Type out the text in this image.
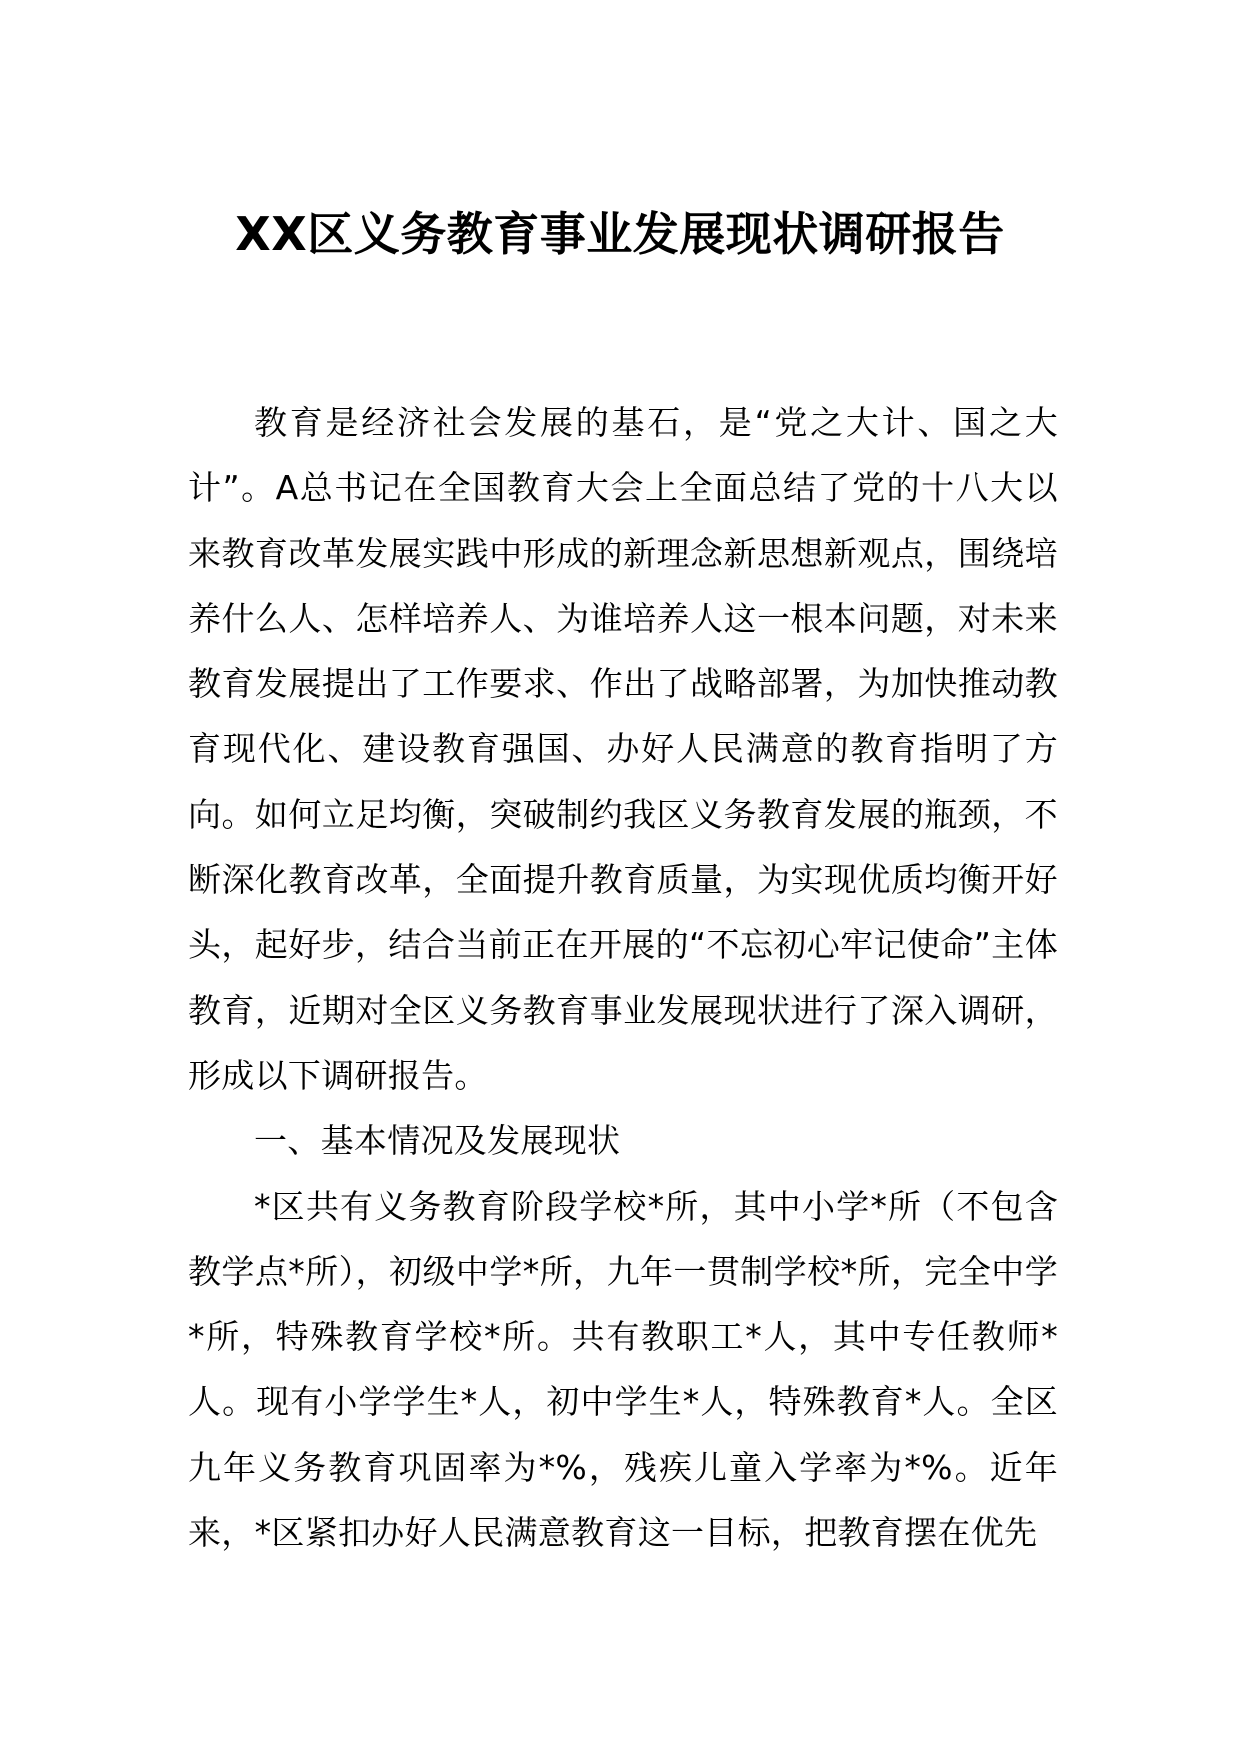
XX区义务教育事业发展现状调研报告

教育是经济社会发展的基石，是“党之大计、国之大计”。A总书记在全国教育大会上全面总结了党的十八大以来教育改革发展实践中形成的新理念新思想新观点，围绕培养什么人、怎样培养人、为谁培养人这一根本问题，对未来教育发展提出了工作要求、作出了战略部署，为加快推动教育现代化、建设教育强国、办好人民满意的教育指明了方向。如何立足均衡，突破制约我区义务教育发展的瓶颈，不断深化教育改革，全面提升教育质量，为实现优质均衡开好头，起好步，结合当前正在开展的“不忘初心牢记使命”主体教育，近期对全区义务教育事业发展现状进行了深入调研，形成以下调研报告。

一、基本情况及发展现状

*区共有义务教育阶段学校*所，其中小学*所（不包含教学点*所），初级中学*所，九年一贯制学校*所，完全中学*所，特殊教育学校*所。共有教职工*人，其中专任教师*人。现有小学学生*人，初中学生*人，特殊教育*人。全区九年义务教育巩固率为*%，残疾儿童入学率为*%。近年来，*区紧扣办好人民满意教育这一目标，把教育摆在优先
